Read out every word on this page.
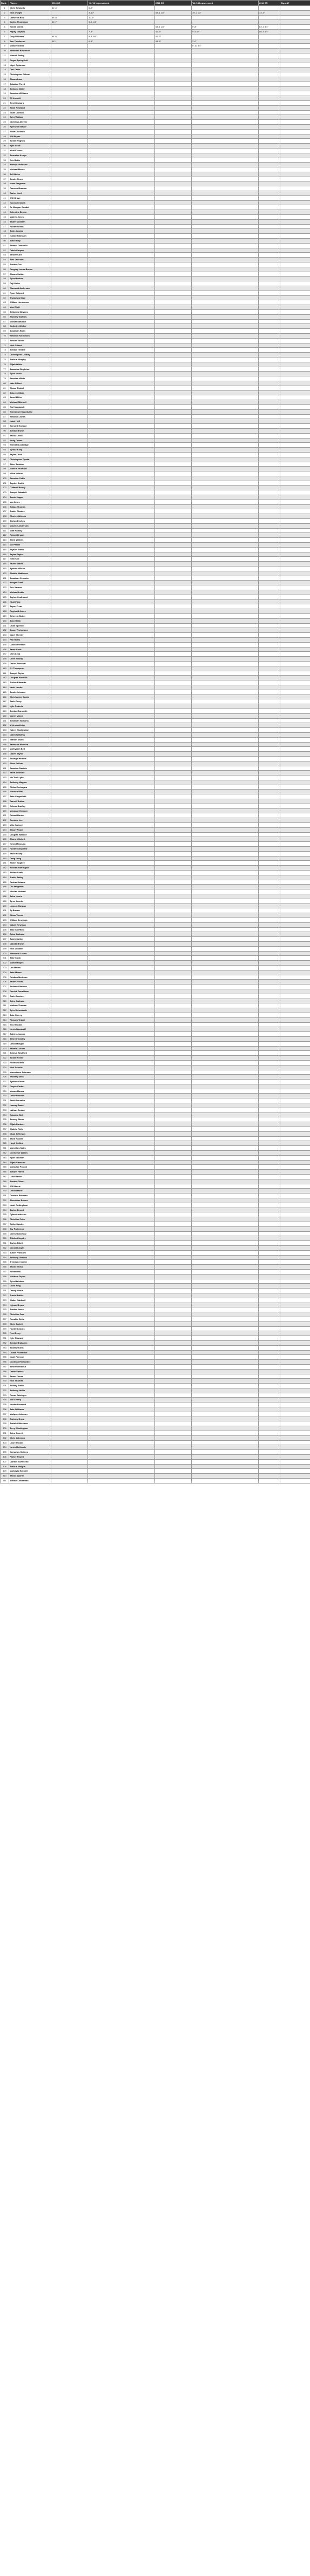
Rank	Players	2010 SR	'10-'12 Improvement	2011 SR	'11-'13 Improvement	2014 SR	Signed?
1	Chris Edwards	61'-4"	6'-5"				
2	Nick Dwight		3'-10"	63'-1 1/2"	10'-2 1/2"	73'-4"	
3	Cameron Bolz	55'-8"	10'-6"				
4	Dedric Thompson	61'-7"	5'-4 1/4"				
5	Kenan Jones			63'-1 1/2"	5'-8"	63'-1 3/4"	
6	Papay Gayewa		7'-4"	42'-5"	5'-5 3/4"	58'-4 3/4"	
7	Gary Williams	54'-6"	9'-4 3/4"	52'-3"			
8	Ben Tomlinson	55'-1"	6'-4"	51'-5"	3'-0"		
9	Malachi Davis				5'-10 3/4"		
10	Jeremiah Robinson						
11	Marnell Swing						
12	Roger Springfield						
13	Nigel Ogbonna						
14	Carl Davis						
15	Christopher Gilbert						
16	Shawn Lane						
17	Jabulani Floyd						
18	Anthony Miller						
19	Brandon Williams						
20	Eli Lockett						
21	Temi Ojuwara						
22	Brian Rowland						
23	Noah Carlson						
24	Tyler Wallace						
25	Christian Alleyne						
26	Kyreshon Bauer						
27	Bilaal Jackson						
28	Will Bryan						
29	Austin Hughes						
30	Kyle Scott						
31	Khalil Jones						
32	Jermaine Kenyo						
33	Eric Butts						
34	Kemaji Anderson						
35	Michael Moore						
36	Jeff Hicks						
37	Jamie Glenn						
38	Isaac Ferguson						
39	Camron Branton						
40	Carter Knell						
41	Will Grove						
42	Kennedy Smith						
43	De Morgan Goudal						
44	Celestine Brown						
45	Maleek Jones						
46	Jaden Mordarn						
47	Hunter Green						
48	Josh Jacobs						
49	Isaiah Robinson						
50	Josh Riley						
51	Armani Cambelio						
52	Caleb Cooper						
53	Tanner Carr						
54	Alex Jackson						
55	Jordan Cox						
56	Gregory Lucas-Brown						
57	Shawn Sutton						
58	Tyler Booker						
59	Deji Mobe						
60	Diamond Anderson						
61	Ryan Colyard						
62	Tiwalolwa Siale						
63	William Henderson						
64	Max Ellett						
65	Jahkeem Stevens						
66	Zachary Gaffney						
67	Michael Wallace						
68	DeAndre Walker						
69	Jonathan Roan						
70	Brandon Nicholson						
71	Jerome Stone						
72	Nick Gilbert						
73	Jordan Trimble						
74	Christopher Lindley						
75	Joshua Murphy						
76	Elijah White						
77	Jawarius Singleton						
78	Tyler Jacob						
79	Brendan White						
80	Nate Gilbert						
81	Chase Tindall						
82	Jakeem Gibbs						
83	Jared Miller						
84	Michael Mitchell						
85	Earl Manigault						
86	Emmanuel Oguntuase						
87	Brandon Jones						
88	Isaac Holt						
89	Bernard Howard						
90	Jordan Brown						
91	Jacob Lewis						
92	Rudy Crowe						
93	Emmett Lockridge						
94	Tyrese Kelly						
95	Jaylen Josh						
96	Christopher Tyndal						
97	Allen Swinton						
98	Marcus Hubbard						
99	Miles Nelson						
100	Brendon Cobb						
101	Jayden Smith						
102	D'Marell Benny						
103	Joseph Sabatelli						
104	Jacob Hagan						
105	Ian Jones						
106	Tobias Thomas						
107	Justin Rhodes						
108	Charles Watson						
109	Jaelon Dyches						
110	Maurice Anderson						
111	Matt Hadley						
112	Robert Bryant						
113	Jalen Wilkins						
114	Ian Parker						
115	Bryson Smith						
116	Jaylen Taylor						
117	Isiah Cox						
118	Tavon Mathis						
119	Ayende Wilson						
120	Shakim Matthews						
121	Jonathan Crowder						
122	Keegan Dent						
123	Eric Vaness						
124	Michael Lobie						
125	Jaylen Heathcoat						
126	Khalil Tate						
127	Jayon Frear						
128	Reginald Jones						
129	Tahreem Butler						
130	Joey Gash						
131	Chad Spencer						
132	Jason Thelemene						
133	Daryl Sheeler						
134	Phil Rossi						
135	Lucian Preston						
136	Jaren Cook						
137	Dion Leap						
138	Chris Moody						
139	Darius Prescott						
140	RJ Thompson						
141	Joseph Taylor						
142	Douglas Runnels						
143	Tucker Edwards						
144	Nash Hunter						
145	Jamie Johnson						
146	Christopher Cooks						
147	Zach Cerny						
148	Kyle Roberts						
149	Jordan Raesmith						
150	Daniel Vance						
151	Jonathan Williams						
152	Myles Aldridge						
153	Kaleel Washington						
154	Caleb Williams						
155	Nathan Stubs						
156	Jameson Wooden						
157	Markyeem Bell						
158	Calvin Taylor						
159	Rodrigo Perkins						
160	Shon Pullum						
161	Brandon Daniels						
162	Jalen Williams						
163	Nic'Trell Lytle						
164	Anthony Wagner						
165	Chibu Ezebogwu						
166	Maurice Witt						
167	Jake Cappelletti						
168	Darnell Sutton						
169	Delano Swalley						
170	Maynard Gregory						
171	Robert Hunter						
172	Dominic Lee						
173	Mike Sawyer						
174	Jason Wood						
175	Douglas Wallace						
176	Shane Mitchell						
177	Kevin Mancuso						
178	Hunter Shephard						
179	Zach Hickey						
180	Craig Long						
181	Xavier Bugbee						
182	Keenan Harrington						
183	Adrian Seals						
184	Justin Bailey						
185	Rashad Adams						
186	Obi Iwegwam						
187	Nicolas Herbert						
188	Jalen Harris						
189	Tyree Arnette						
190	Lamont Morgan						
191	Ty Brewer						
192	Ethan Turner						
193	William Jennings						
194	Dakari Newman						
195	Jake Sheffield						
196	Brian Jackson						
197	Adam Sutton						
198	Dakota Brown						
199	Nick Zedaker						
200	Fernando Lerma						
201	Jake Cudo						
202	Markel Hayes						
203	Leo Helms						
204	Jake Moore						
205	Cristian Medrano						
206	Jaden Fields						
207	Andrew Gladden						
208	Derrick Donaldson						
209	Zach Gerstner						
210	Jalen Jackson						
211	Mathew Thomas						
212	Tyler Schenkenb						
213	Jake Sherry						
214	Ricardo Trabal						
215	Eric Rhodes						
216	Kevin Woodruff						
217	Ashley Joseph						
218	Jahrell Teasley						
219	David Morgan						
220	Jalanie Lusher						
221	Joshua Bradford						
222	Austin Reese						
223	Rodney Davis						
224	Nick Schultz						
225	Marcellous Johnson						
226	Zachary Stills						
227	Aydrian Odom						
228	Dwyne Carter						
229	Mason Manns						
230	Devin Bennett						
231	Brett Gonzales						
232	Lascay Daniel						
233	Nathan Gruber						
234	Eduardo Bell						
235	Jeremy Stone						
236	Elijah Gardner						
237	Wakefu Rolfe						
238	Chad Jefferson						
239	Jalen Harden						
240	Hugh Collins						
241	Marcellus Malis						
242	Donnavan Wilkes						
243	Ryan Neuman						
244	Elijah Clemson						
245	Marquise Poston						
246	Joseph Harris						
247	Luke Ranier						
248	Jordan Oliver						
249	Will Garrie						
250	Dillon Mazur						
251	Dominic Bohman						
252	Alexander Bowes						
253	Noah Cottingham						
254	Jaylen Bryant						
255	Dylan Anderson						
256	Christian Price						
257	Colby Sparks						
258	Jay Patterson						
259	Derek Gonchorz						
260	Thieka Kingsby						
261	Jaylen Bikell						
262	Denzel Knight						
263	Justin Frankum						
264	Anthony Gordon						
265	Tremayne Corrin						
266	Jacob Gross						
267	Robert Hill						
268	Makham Taylor						
269	Tyler Balshaw						
270	Chris King						
271	Danny Harris						
272	Travis Buttler						
273	Walter Caldwell						
274	Kyjuan Bryant						
275	Jordan Jones						
276	Christian Carr						
277	Ronaldo Delfe						
278	Chris Bartell						
279	Hunter Kearns						
280	Fred Perry						
281	Kyle Stewart						
282	Jordan Brabanec						
283	Andrew Klein						
284	Chase Rosenthal						
285	Noah Perrone						
286	Donavan Hernandez						
287	Arnez Wimbush						
288	Dante Spears						
289	James Jones						
290	Nick Thomas						
291	Aubrey Smith						
292	Anthony Hollis						
293	Conor Reisinger						
294	Will Cherry						
295	Hunter Prescott						
296	Jake Williams						
297	Malique Johnson						
298	Zachary Drew						
299	Josiah Gilbertson						
300	Jerry Washington						
301	Jalen Burrell						
302	Chris Johnson						
303	Leon Rhodes						
304	Kevin McKenzie						
305	Demarius Holmes						
306	Parker Powell						
307	Carlton Townsend						
308	Joshua Mingus						
309	Markaylo Eckwell						
310	Jacob Spurlin						
311	Jordan Lieberman						
